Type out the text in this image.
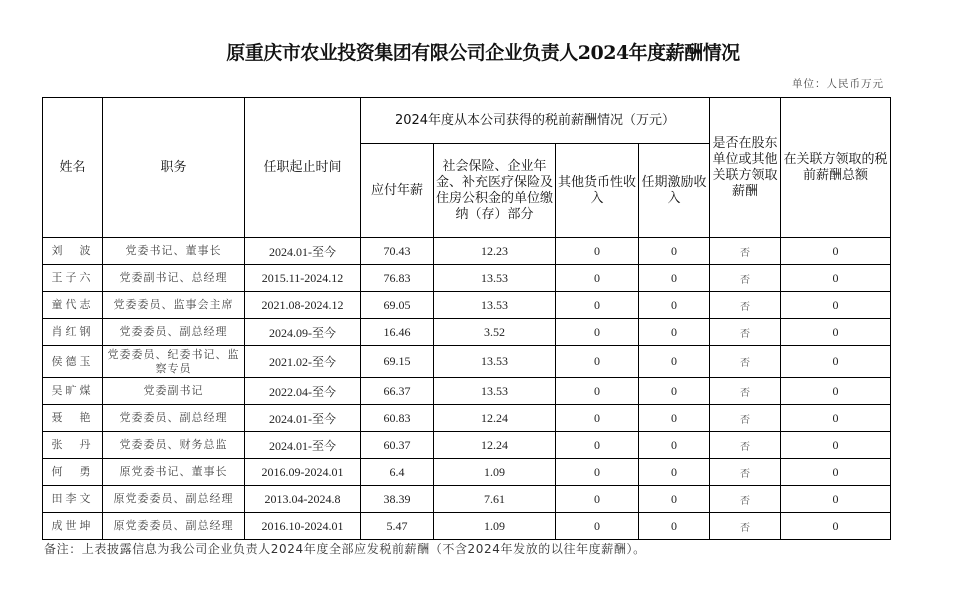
原重庆市农业投资集团有限公司企业负责人2024年度薪酬情况
单位：人民币万元
姓名	职务	任职起止时间	2024年度从本公司获得的税前薪酬情况（万元）				是否在股东单位或其他关联方领取薪酬	在关联方领取的税前薪酬总额
			应付年薪	社会保险、企业年金、补充医疗保险及住房公积金的单位缴纳（存）部分	其他货币性收入	任期激励收入		
刘　波	党委书记、董事长	2024.01-至今	70.43	12.23	0	0	否	0
王子六	党委副书记、总经理	2015.11-2024.12	76.83	13.53	0	0	否	0
童代志	党委委员、监事会主席	2021.08-2024.12	69.05	13.53	0	0	否	0
肖红钢	党委委员、副总经理	2024.09-至今	16.46	3.52	0	0	否	0
侯德玉	党委委员、纪委书记、监察专员	2021.02-至今	69.15	13.53	0	0	否	0
吴旷煤	党委副书记	2022.04-至今	66.37	13.53	0	0	否	0
聂　艳	党委委员、副总经理	2024.01-至今	60.83	12.24	0	0	否	0
张　丹	党委委员、财务总监	2024.01-至今	60.37	12.24	0	0	否	0
何　勇	原党委书记、董事长	2016.09-2024.01	6.4	1.09	0	0	否	0
田李文	原党委委员、副总经理	2013.04-2024.8	38.39	7.61	0	0	否	0
成世坤	原党委委员、副总经理	2016.10-2024.01	5.47	1.09	0	0	否	0
备注：上表披露信息为我公司企业负责人2024年度全部应发税前薪酬（不含2024年发放的以往年度薪酬）。
